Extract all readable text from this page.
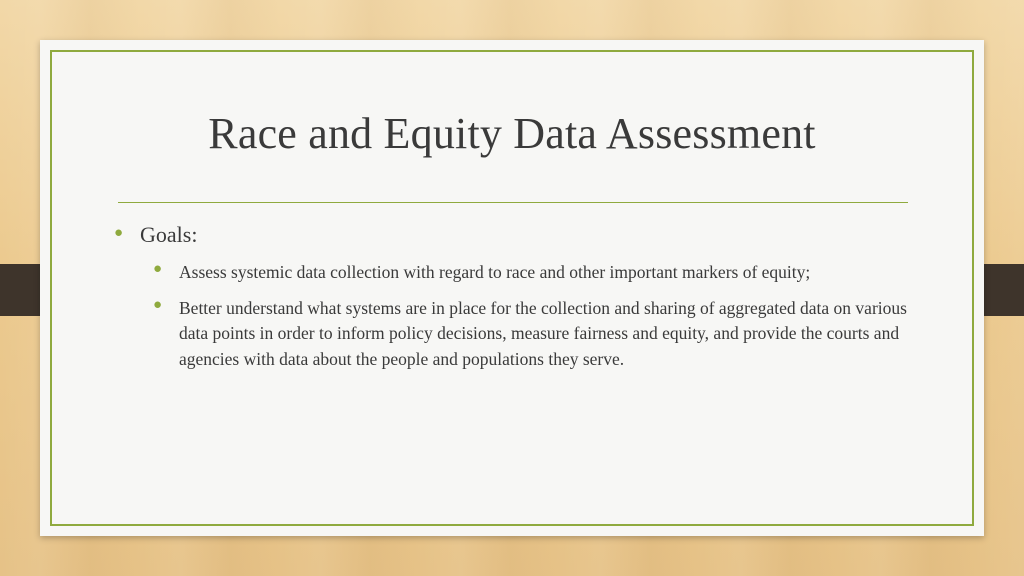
Race and Equity Data Assessment
● Goals:
● Assess systemic data collection with regard to race and other important markers of equity;
● Better understand what systems are in place for the collection and sharing of aggregated data on various data points in order to inform policy decisions, measure fairness and equity, and provide the courts and agencies with data about the people and populations they serve.
